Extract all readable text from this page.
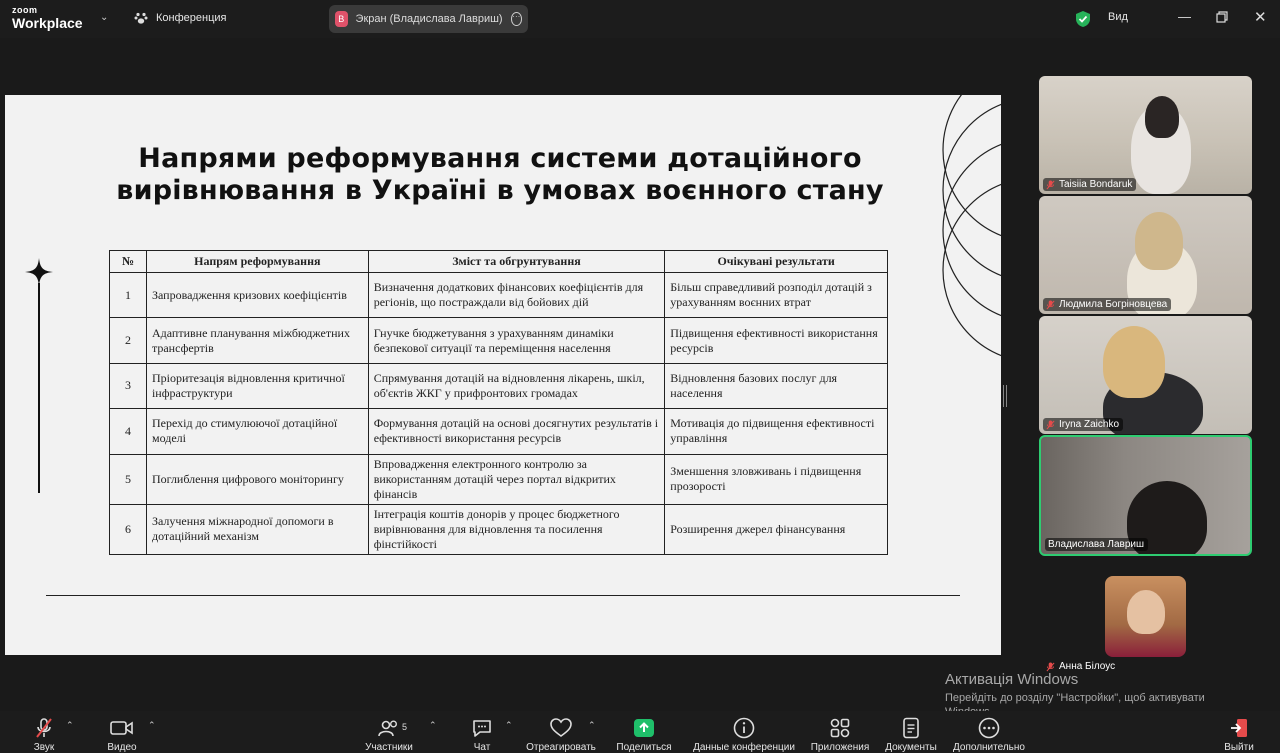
zoom
Workplace ⌄	Конференция	В Экран (Владислава Лавриш) ···	Вид	—	✕
Напрями реформування системи дотаційного
вирівнювання в Україні в умовах воєнного стану
№	Напрям реформування	Зміст та обгрунтування	Очікувані результати
1	Запровадження кризових коефіцієнтів	Визначення додаткових фінансових коефіцієнтів для регіонів, що постраждали від бойових дій	Більш справедливий розподіл дотацій з урахуванням воєнних втрат
2	Адаптивне планування міжбюджетних трансфертів	Гнучке бюджетування з урахуванням динаміки безпекової ситуації та переміщення населення	Підвищення ефективності використання ресурсів
3	Пріоритезація відновлення критичної інфраструктури	Спрямування дотацій на відновлення лікарень, шкіл, об'єктів ЖКГ у прифронтових громадах	Відновлення базових послуг для населення
4	Перехід до стимулюючої дотаційної моделі	Формування дотацій на основі досягнутих результатів і ефективності використання ресурсів	Мотивація до підвищення ефективності управління
5	Поглиблення цифрового моніторингу	Впровадження електронного контролю за використанням дотацій через портал відкритих фінансів	Зменшення зловживань і підвищення прозорості
6	Залучення міжнародної допомоги в дотаційний механізм	Інтеграція коштів донорів у процес бюджетного вирівнювання для відновлення та посилення фінстійкості	Розширення джерел фінансування
Taisiia Bondaruk
Людмила Богріновцева
Iryna Zaichko
Владислава Лавриш
Анна Білоус
Активація Windows
Перейдіть до розділу "Настройки", щоб активувати
Звук
⌃
Видео
⌃
Участники
5 ⌃
Чат
⌃
Отреагировать
⌃
Поделиться	Данные конференции	Приложения	Документы	Дополнительно	Выйти
